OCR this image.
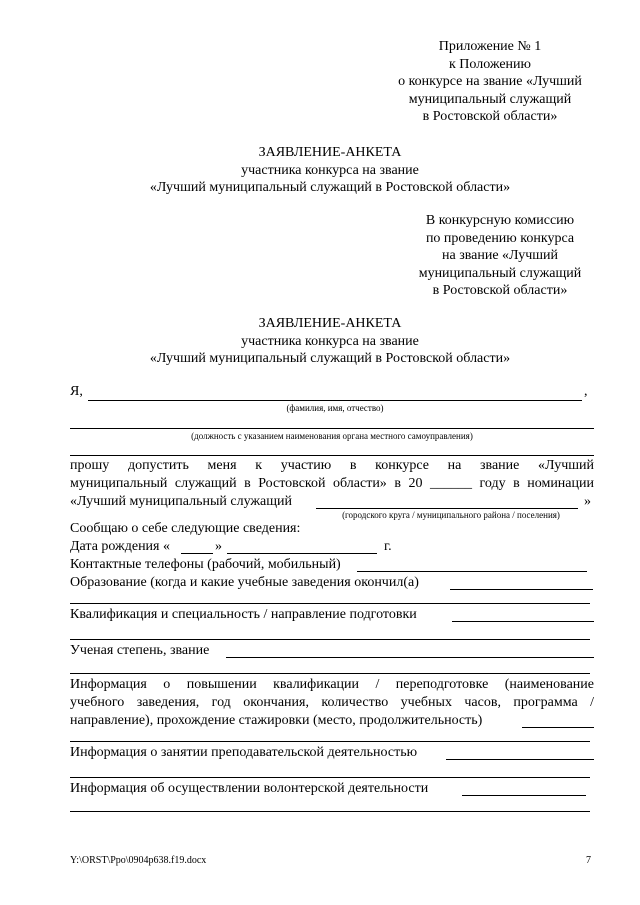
Приложение № 1
к Положению
о конкурсе на звание «Лучший
муниципальный служащий
в Ростовской области»
ЗАЯВЛЕНИЕ-АНКЕТА
участника конкурса на звание
«Лучший муниципальный служащий в Ростовской области»
В конкурсную комиссию
по проведению конкурса
на звание «Лучший
муниципальный служащий
в Ростовской области»
ЗАЯВЛЕНИЕ-АНКЕТА
участника конкурса на звание
«Лучший муниципальный служащий в Ростовской области»
Я,	,
(фамилия, имя, отчество)
(должность с указанием наименования органа местного самоуправления)
прошу допустить меня к участию в конкурсе на звание «Лучший
муниципальный служащий в Ростовской области» в 20 ______ году в номинации
«Лучший муниципальный служащий	»
(городского круга / муниципального района / поселения)
Сообщаю о себе следующие сведения:
Дата рождения «	»	г.
Контактные телефоны (рабочий, мобильный)
Образование (когда и какие учебные заведения окончил(а)
Квалификация и специальность / направление подготовки
Ученая степень, звание
Информация о повышении квалификации / переподготовке (наименование
учебного заведения, год окончания, количество учебных часов, программа /
направление), прохождение стажировки (место, продолжительность)
Информация о занятии преподавательской деятельностью
Информация об осуществлении волонтерской деятельности
Y:\ORST\Ppo\0904p638.f19.docx	7
